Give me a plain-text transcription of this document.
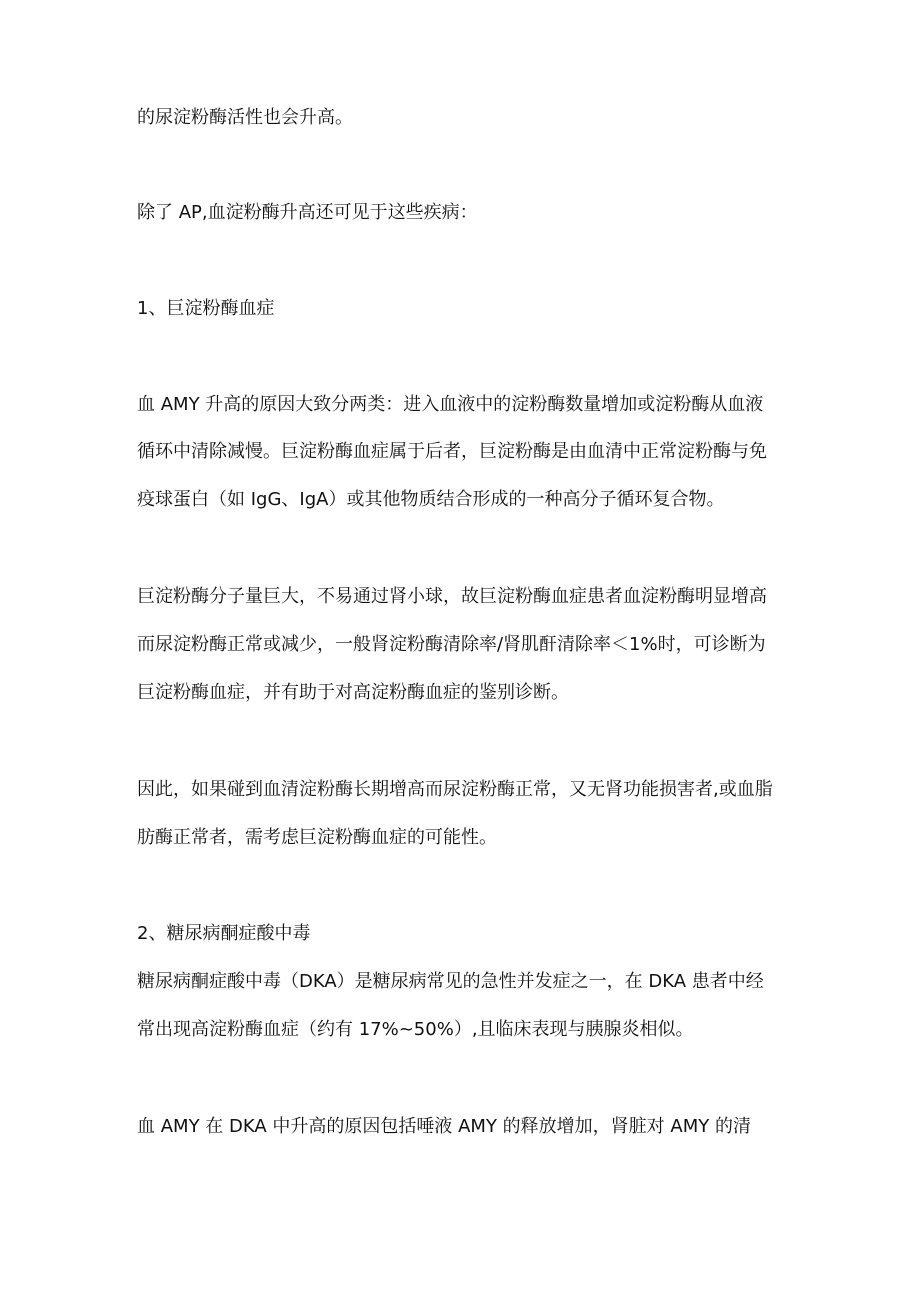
的尿淀粉酶活性也会升高。
除了 AP,血淀粉酶升高还可见于这些疾病：
1、巨淀粉酶血症
血 AMY 升高的原因大致分两类：进入血液中的淀粉酶数量增加或淀粉酶从血液
循环中清除减慢。巨淀粉酶血症属于后者，巨淀粉酶是由血清中正常淀粉酶与免
疫球蛋白（如 IgG、IgA）或其他物质结合形成的一种高分子循环复合物。
巨淀粉酶分子量巨大，不易通过肾小球，故巨淀粉酶血症患者血淀粉酶明显增高
而尿淀粉酶正常或减少，一般肾淀粉酶清除率/肾肌酐清除率＜1%时，可诊断为
巨淀粉酶血症，并有助于对高淀粉酶血症的鉴别诊断。
因此，如果碰到血清淀粉酶长期增高而尿淀粉酶正常，又无肾功能损害者,或血脂
肪酶正常者，需考虑巨淀粉酶血症的可能性。
2、糖尿病酮症酸中毒
糖尿病酮症酸中毒（DKA）是糖尿病常见的急性并发症之一，在 DKA 患者中经
常出现高淀粉酶血症（约有 17%~50%）,且临床表现与胰腺炎相似。
血 AMY 在 DKA 中升高的原因包括唾液 AMY 的释放增加，肾脏对 AMY 的清
